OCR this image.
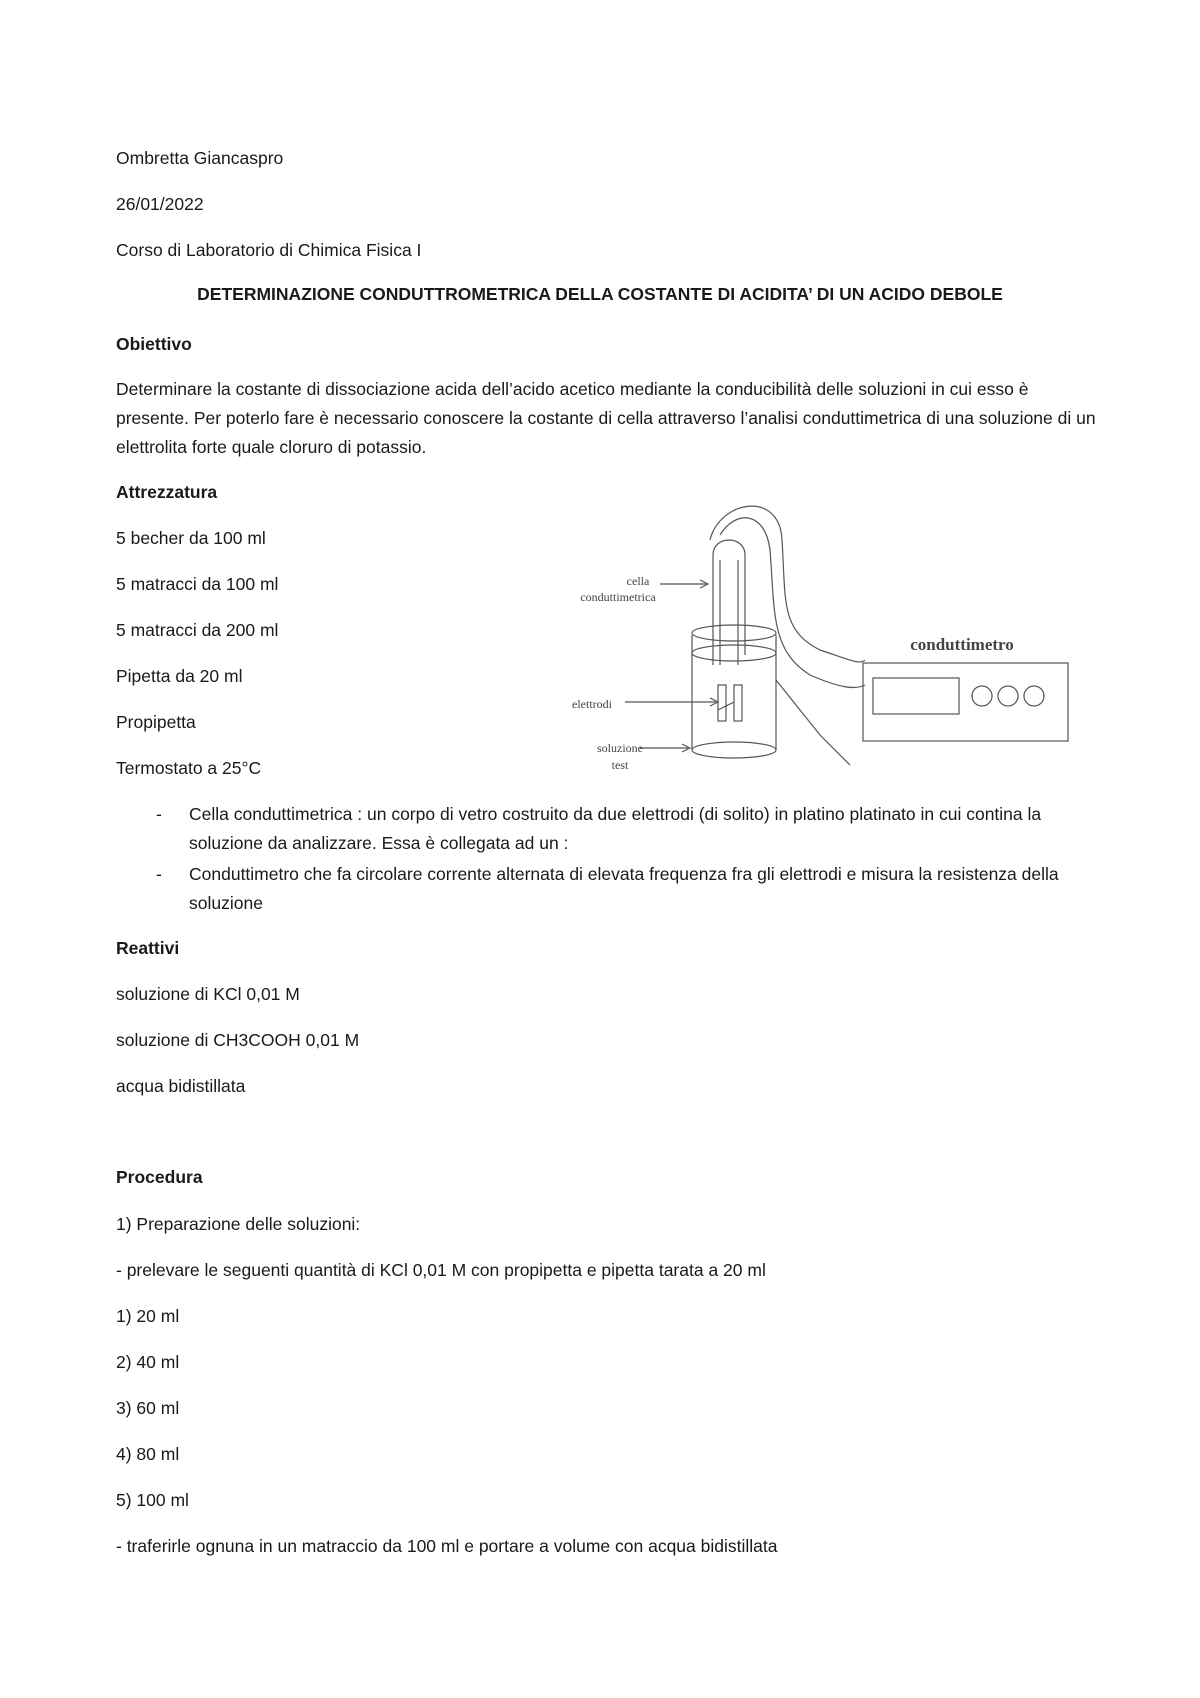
Ombretta Giancaspro

26/01/2022

Corso di Laboratorio di Chimica Fisica I

DETERMINAZIONE CONDUTTROMETRICA DELLA COSTANTE DI ACIDITA’ DI UN ACIDO DEBOLE

Obiettivo

Determinare la costante di dissociazione acida dell’acido acetico mediante la conducibilità delle soluzioni in cui esso è presente. Per poterlo fare è necessario conoscere la costante di cella attraverso l’analisi conduttimetrica di una soluzione di un elettrolita forte quale cloruro di potassio.

Attrezzatura

5 becher da 100 ml

5 matracci da 100 ml

5 matracci da 200 ml

Pipetta da 20 ml

Propipetta

Termostato a 25°C

cella
conduttimetrica
elettrodi
soluzione
test
conduttimetro
- Cella conduttimetrica : un corpo di vetro costruito da due elettrodi (di solito) in platino platinato in cui contina la soluzione da analizzare. Essa è collegata ad un :
- Conduttimetro che fa circolare corrente alternata di elevata frequenza fra gli elettrodi e misura la resistenza della soluzione

Reattivi

soluzione di KCl 0,01 M

soluzione di CH3COOH 0,01 M

acqua bidistillata

Procedura

1) Preparazione delle soluzioni:

- prelevare le seguenti quantità di KCl 0,01 M con propipetta e pipetta tarata a 20 ml

1) 20 ml

2) 40 ml

3) 60 ml

4) 80 ml

5) 100 ml

- traferirle ognuna in un matraccio da 100 ml e portare a volume con acqua bidistillata
